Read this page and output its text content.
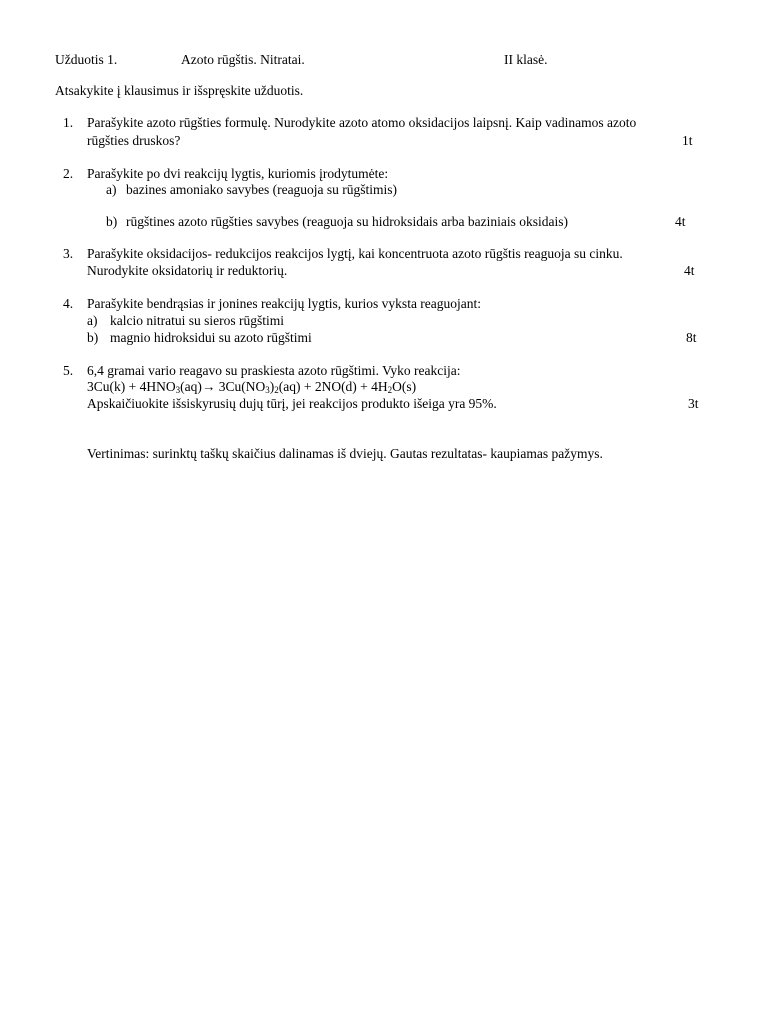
Užduotis 1.	Azoto rūgštis. Nitratai.	II klasė.
Atsakykite į klausimus ir išspręskite užduotis.
1. Parašykite azoto rūgšties formulę. Nurodykite azoto atomo oksidacijos laipsnį. Kaip vadinamos azoto
rūgšties druskos?	1t
2. Parašykite po dvi reakcijų lygtis, kuriomis įrodytumėte:
a) bazines amoniako savybes (reaguoja su rūgštimis)
b) rūgštines azoto rūgšties savybes (reaguoja su hidroksidais arba baziniais oksidais)	4t
3. Parašykite oksidacijos- redukcijos reakcijos lygtį, kai koncentruota azoto rūgštis reaguoja su cinku.
Nurodykite oksidatorių ir reduktorių.	4t
4. Parašykite bendrąsias ir jonines reakcijų lygtis, kurios vyksta reaguojant:
a) kalcio nitratui su sieros rūgštimi
b) magnio hidroksidui su azoto rūgštimi	8t
5. 6,4 gramai vario reagavo su praskiesta azoto rūgštimi. Vyko reakcija:
$3Cu(k) + 4HNO_3(aq)\to 3Cu(NO_3)_2(aq) + 2NO(d) + 4H_2O(s)$
Apskaičiuokite išsiskyrusių dujų tūrį, jei reakcijos produkto išeiga yra 95%.	3t
Vertinimas: surinktų taškų skaičius dalinamas iš dviejų. Gautas rezultatas- kaupiamas pažymys.
